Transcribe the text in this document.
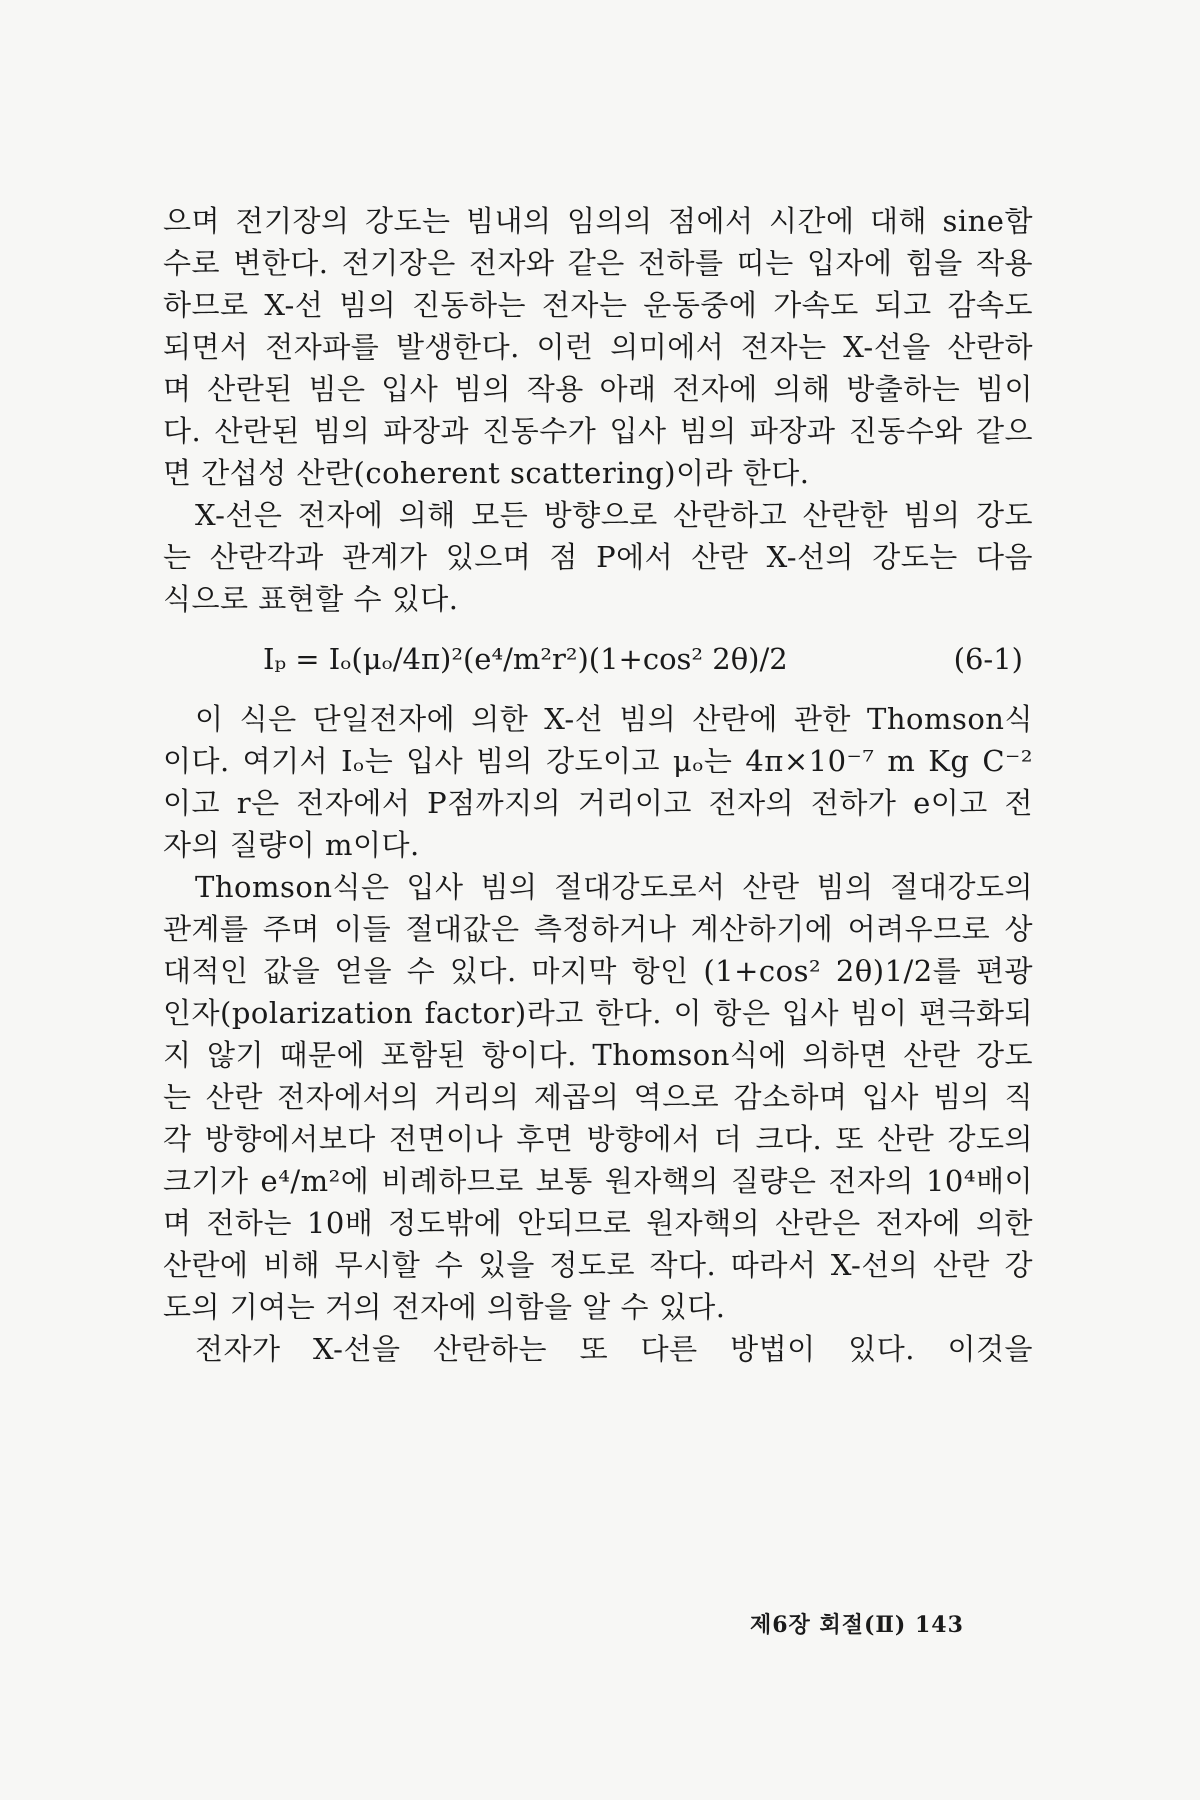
으며 전기장의 강도는 빔내의 임의의 점에서 시간에 대해 sine함
수로 변한다. 전기장은 전자와 같은 전하를 띠는 입자에 힘을 작용
하므로 X-선 빔의 진동하는 전자는 운동중에 가속도 되고 감속도
되면서 전자파를 발생한다. 이런 의미에서 전자는 X-선을 산란하
며 산란된 빔은 입사 빔의 작용 아래 전자에 의해 방출하는 빔이
다. 산란된 빔의 파장과 진동수가 입사 빔의 파장과 진동수와 같으
면 간섭성 산란(coherent scattering)이라 한다.
X-선은 전자에 의해 모든 방향으로 산란하고 산란한 빔의 강도
는 산란각과 관계가 있으며 점 P에서 산란 X-선의 강도는 다음
식으로 표현할 수 있다.
Iₚ = Iₒ(μₒ/4π)²(e⁴/m²r²)(1+cos² 2θ)/2	(6-1)
이 식은 단일전자에 의한 X-선 빔의 산란에 관한 Thomson식
이다. 여기서 Iₒ는 입사 빔의 강도이고 μₒ는 4π×10⁻⁷ m Kg C⁻²
이고 r은 전자에서 P점까지의 거리이고 전자의 전하가 e이고 전
자의 질량이 m이다.
Thomson식은 입사 빔의 절대강도로서 산란 빔의 절대강도의
관계를 주며 이들 절대값은 측정하거나 계산하기에 어려우므로 상
대적인 값을 얻을 수 있다. 마지막 항인 (1+cos² 2θ)1/2를 편광
인자(polarization factor)라고 한다. 이 항은 입사 빔이 편극화되
지 않기 때문에 포함된 항이다. Thomson식에 의하면 산란 강도
는 산란 전자에서의 거리의 제곱의 역으로 감소하며 입사 빔의 직
각 방향에서보다 전면이나 후면 방향에서 더 크다. 또 산란 강도의
크기가 e⁴/m²에 비례하므로 보통 원자핵의 질량은 전자의 10⁴배이
며 전하는 10배 정도밖에 안되므로 원자핵의 산란은 전자에 의한
산란에 비해 무시할 수 있을 정도로 작다. 따라서 X-선의 산란 강
도의 기여는 거의 전자에 의함을 알 수 있다.
전자가 X-선을 산란하는 또 다른 방법이 있다. 이것을
제6장 회절(Ⅱ) 143
